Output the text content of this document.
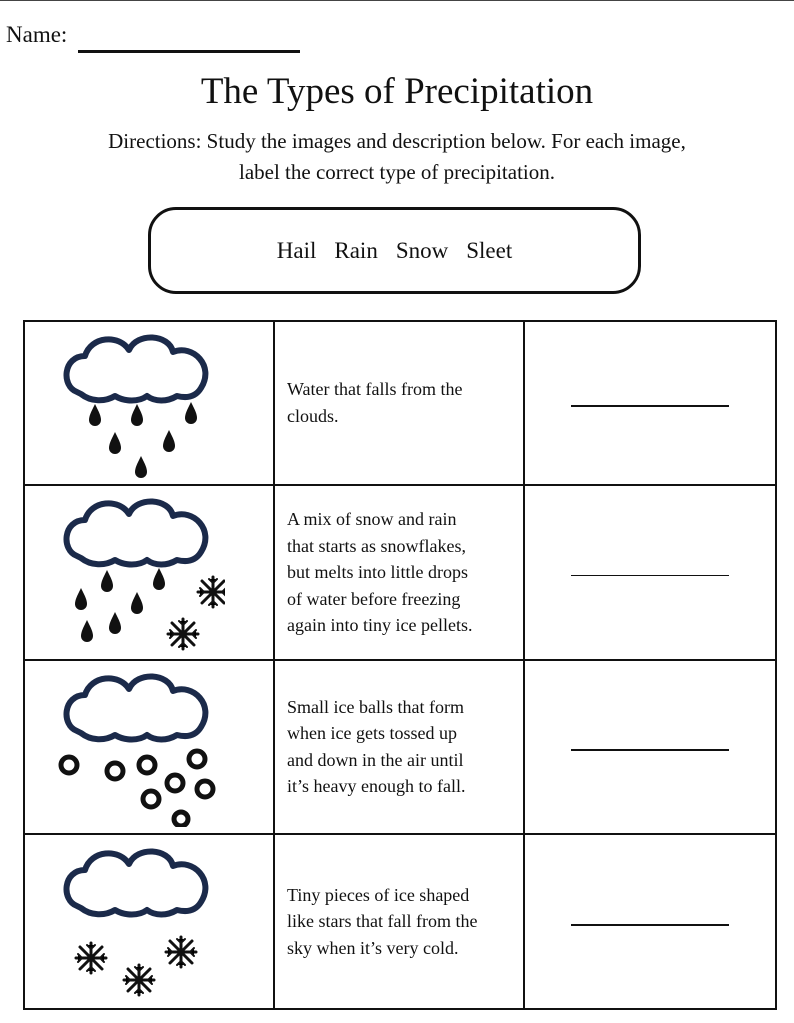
Name:
The Types of Precipitation
Directions: Study the images and description below. For each image,
label the correct type of precipitation.
Hail Rain Snow Sleet

Water that falls from the
clouds.	

A mix of snow and rain
that starts as snowflakes,
but melts into little drops
of water before freezing
again into tiny ice pellets.	

Small ice balls that form
when ice gets tossed up
and down in the air until
it’s heavy enough to fall.	

Tiny pieces of ice shaped
like stars that fall from the
sky when it’s very cold.	
